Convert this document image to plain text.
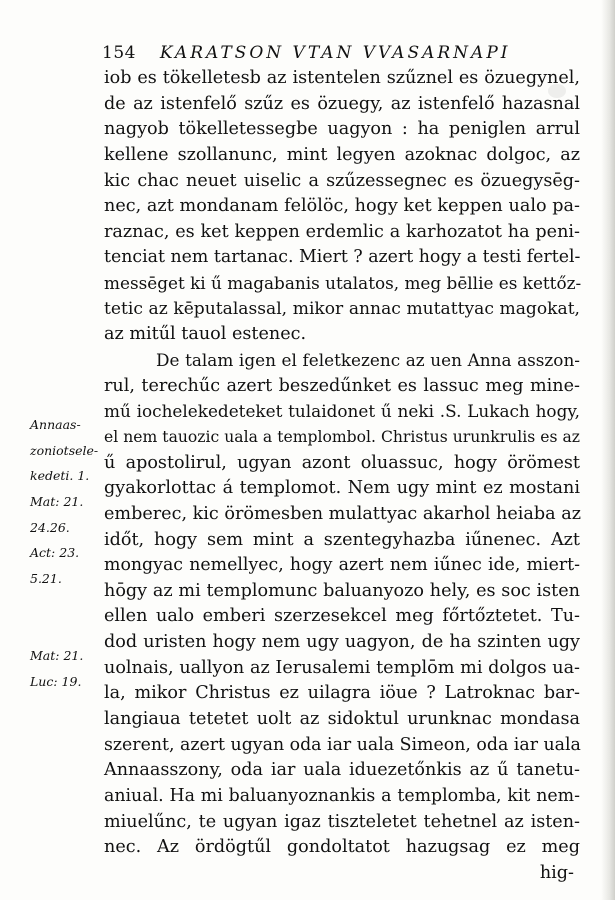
154 KARATSON VTAN VVASARNAPI
iob es tökelletesb az istentelen szűznel es özuegynel,
de az istenfelő szűz es özuegy, az istenfelő hazasnal
nagyob tökelletessegbe uagyon : ha peniglen arrul
kellene szollanunc, mint legyen azoknac dolgoc, az
kic chac neuet uiselic a szűzessegnec es özuegysēg-
nec, azt mondanam felölöc, hogy ket keppen ualo pa-
raznac, es ket keppen erdemlic a karhozatot ha peni-
tenciat nem tartanac. Miert ? azert hogy a testi fertel-
messēget ki ű magabanis utalatos, meg bēllie es kettőz-
tetic az kēputalassal, mikor annac mutattyac magokat,
az mitűl tauol estenec.
De talam igen el feletkezenc az uen Anna asszon-
rul, terechűc azert beszedűnket es lassuc meg mine-
mű iochelekedeteket tulaidonet ű neki .S. Lukach hogy,
el nem tauozic uala a templombol. Christus urunkrulis es az
ű apostolirul, ugyan azont oluassuc, hogy örömest
gyakorlottac á templomot. Nem ugy mint ez mostani
emberec, kic örömesben mulattyac akarhol heiaba az
időt, hogy sem mint a szentegyhazba iűnenec. Azt
mongyac nemellyec, hogy azert nem iűnec ide, miert-
hōgy az mi templomunc baluanyozo hely, es soc isten
ellen ualo emberi szerzesekcel meg főrtőztetet. Tu-
dod uristen hogy nem ugy uagyon, de ha szinten ugy
uolnais, uallyon az Ierusalemi templōm mi dolgos ua-
la, mikor Christus ez uilagra iöue ? Latroknac bar-
langiaua tetetet uolt az sidoktul urunknac mondasa
szerent, azert ugyan oda iar uala Simeon, oda iar uala
Annaasszony, oda iar uala iduezetőnkis az ű tanetu-
aniual. Ha mi baluanyoznankis a templomba, kit nem-
miuelűnc, te ugyan igaz tiszteletet tehetnel az isten-
nec. Az ördögtűl gondoltatot hazugsag ez meg
hig-
Annaas-
zoniotsele-
kedeti. 1.
Mat: 21.
24.26.
Act: 23.
5.21.
Mat: 21.
Luc: 19.
